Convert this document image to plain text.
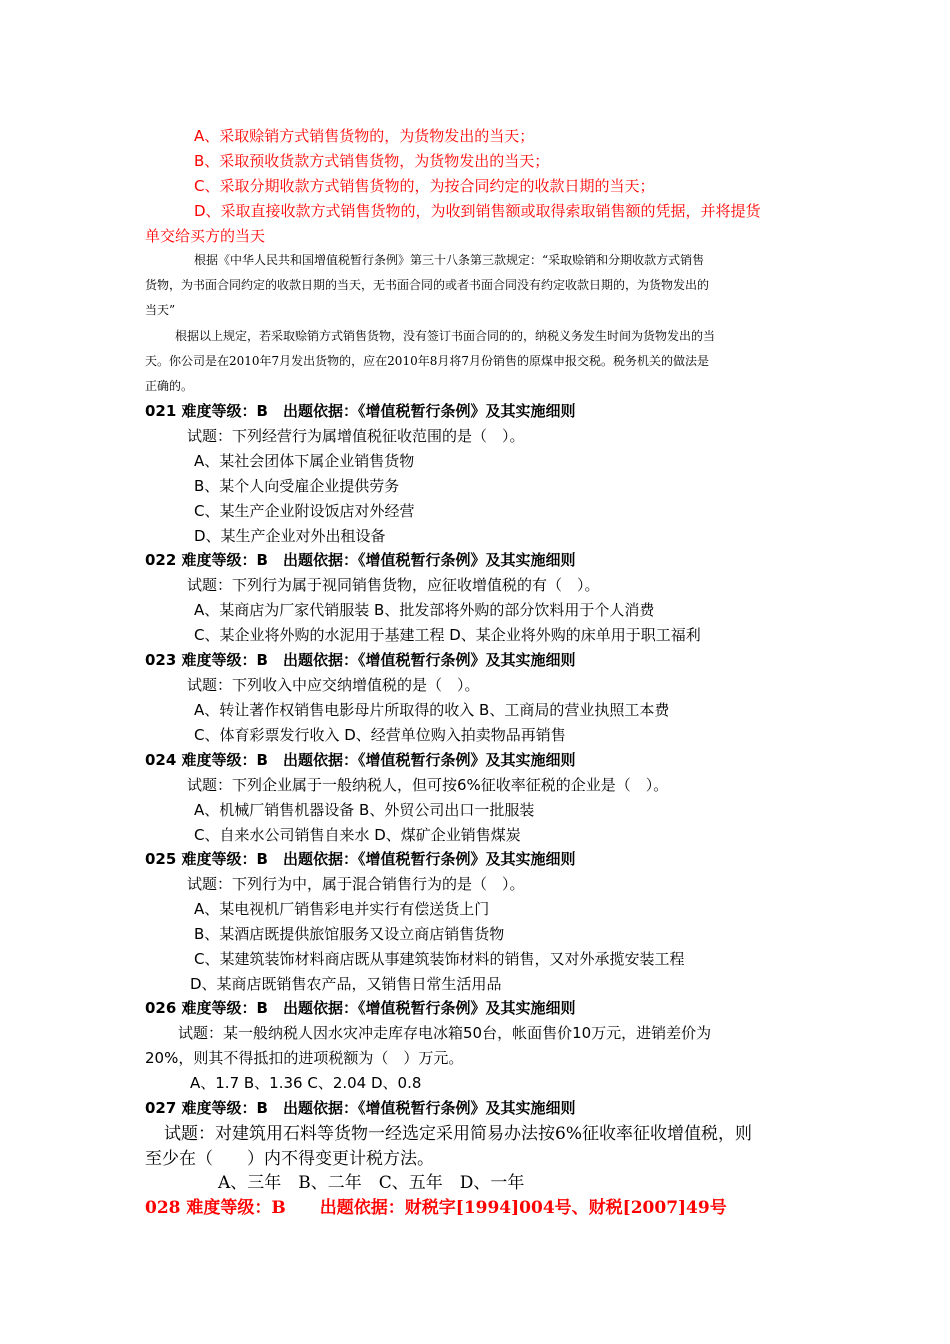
A、采取赊销方式销售货物的，为货物发出的当天；
B、采取预收货款方式销售货物，为货物发出的当天；
C、采取分期收款方式销售货物的，为按合同约定的收款日期的当天；
D、采取直接收款方式销售货物的，为收到销售额或取得索取销售额的凭据，并将提货
单交给买方的当天
根据《中华人民共和国增值税暂行条例》第三十八条第三款规定：“采取赊销和分期收款方式销售
货物，为书面合同约定的收款日期的当天，无书面合同的或者书面合同没有约定收款日期的，为货物发出的
当天”
根据以上规定，若采取赊销方式销售货物，没有签订书面合同的的，纳税义务发生时间为货物发出的当
天。你公司是在2010年7月发出货物的，应在2010年8月将7月份销售的原煤申报交税。税务机关的做法是
正确的。
021 难度等级：B　出题依据：《增值税暂行条例》及其实施细则
试题：下列经营行为属增值税征收范围的是（　）。
A、某社会团体下属企业销售货物
B、某个人向受雇企业提供劳务
C、某生产企业附设饭店对外经营
D、某生产企业对外出租设备
022 难度等级：B　出题依据：《增值税暂行条例》及其实施细则
试题：下列行为属于视同销售货物，应征收增值税的有（　）。
A、某商店为厂家代销服装 B、批发部将外购的部分饮料用于个人消费
C、某企业将外购的水泥用于基建工程 D、某企业将外购的床单用于职工福利
023 难度等级：B　出题依据：《增值税暂行条例》及其实施细则
试题：下列收入中应交纳增值税的是（　）。
A、转让著作权销售电影母片所取得的收入 B、工商局的营业执照工本费
C、体育彩票发行收入 D、经营单位购入拍卖物品再销售
024 难度等级：B　出题依据：《增值税暂行条例》及其实施细则
试题：下列企业属于一般纳税人，但可按6%征收率征税的企业是（　）。
A、机械厂销售机器设备 B、外贸公司出口一批服装
C、自来水公司销售自来水 D、煤矿企业销售煤炭
025 难度等级：B　出题依据：《增值税暂行条例》及其实施细则
试题：下列行为中，属于混合销售行为的是（　）。
A、某电视机厂销售彩电并实行有偿送货上门
B、某酒店既提供旅馆服务又设立商店销售货物
C、某建筑装饰材料商店既从事建筑装饰材料的销售，又对外承揽安装工程
D、某商店既销售农产品，又销售日常生活用品
026 难度等级：B　出题依据：《增值税暂行条例》及其实施细则
试题：某一般纳税人因水灾冲走库存电冰箱50台，帐面售价10万元，进销差价为
20%，则其不得抵扣的进项税额为（　）万元。
A、1.7 B、1.36 C、2.04 D、0.8
027 难度等级：B　出题依据：《增值税暂行条例》及其实施细则
试题：对建筑用石料等货物一经选定采用简易办法按6%征收率征收增值税，则
至少在（　　）内不得变更计税方法。
A、三年　B、二年　C、五年　D、一年
028 难度等级：B　　出题依据：财税字[1994]004号、财税[2007]49号
